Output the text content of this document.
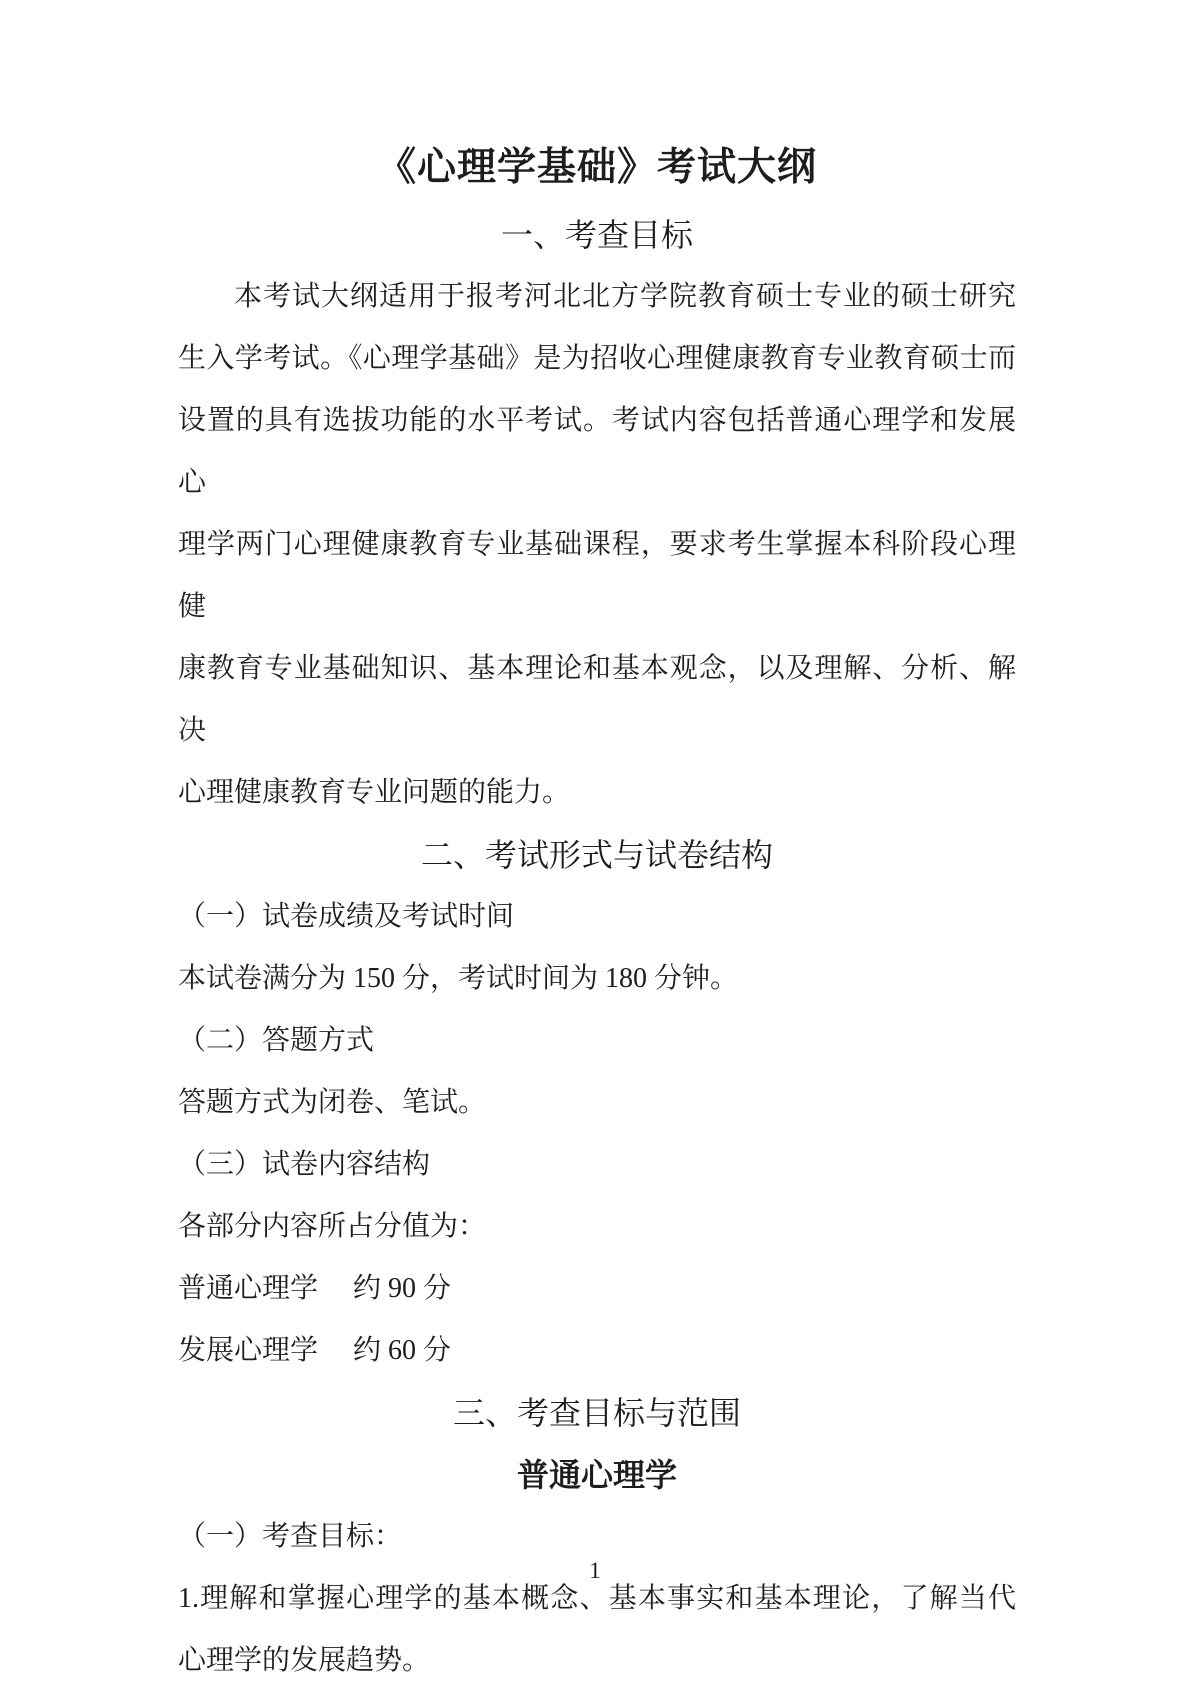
《心理学基础》考试大纲
一、考查目标
本考试大纲适用于报考河北北方学院教育硕士专业的硕士研究
生入学考试。《心理学基础》是为招收心理健康教育专业教育硕士而
设置的具有选拔功能的水平考试。考试内容包括普通心理学和发展心
理学两门心理健康教育专业基础课程，要求考生掌握本科阶段心理健
康教育专业基础知识、基本理论和基本观念，以及理解、分析、解决
心理健康教育专业问题的能力。
二、考试形式与试卷结构
（一）试卷成绩及考试时间
本试卷满分为 150 分，考试时间为 180 分钟。
（二）答题方式
答题方式为闭卷、笔试。
（三）试卷内容结构
各部分内容所占分值为：
普通心理学　 约 90 分
发展心理学　 约 60 分
三、考查目标与范围
普通心理学
（一）考查目标：
1.理解和掌握心理学的基本概念、基本事实和基本理论，了解当代
心理学的发展趋势。
1
